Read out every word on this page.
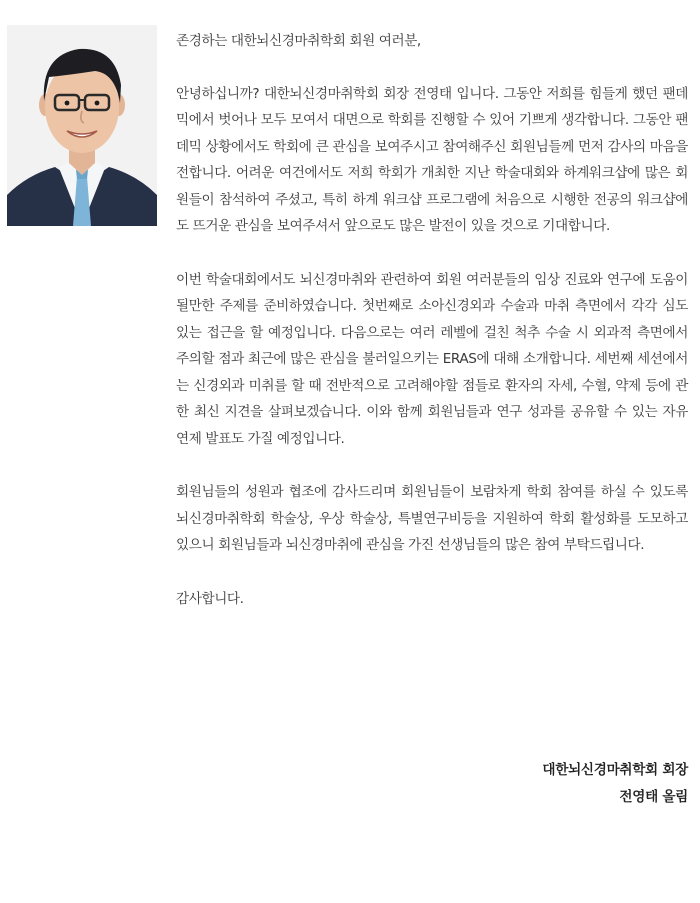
존경하는 대한뇌신경마취학회 회원 여러분,

안녕하십니까? 대한뇌신경마취학회 회장 전영태 입니다. 그동안 저희를 힘들게 했던 팬데믹에서 벗어나 모두 모여서 대면으로 학회를 진행할 수 있어 기쁘게 생각합니다. 그동안 팬데믹 상황에서도 학회에 큰 관심을 보여주시고 참여해주신 회원님들께 먼저 감사의 마음을 전합니다. 어려운 여건에서도 저희 학회가 개최한 지난 학술대회와 하계워크샵에 많은 회원들이 참석하여 주셨고, 특히 하계 워크샵 프로그램에 처음으로 시행한 전공의 워크샵에도 뜨거운 관심을 보여주셔서 앞으로도 많은 발전이 있을 것으로 기대합니다.

이번 학술대회에서도 뇌신경마취와 관련하여 회원 여러분들의 임상 진료와 연구에 도움이 될만한 주제를 준비하였습니다. 첫번째로 소아신경외과 수술과 마취 측면에서 각각 심도 있는 접근을 할 예정입니다. 다음으로는 여러 레벨에 걸친 척추 수술 시 외과적 측면에서 주의할 점과 최근에 많은 관심을 불러일으키는 ERAS에 대해 소개합니다. 세번째 세션에서는 신경외과 미취를 할 때 전반적으로 고려해야할 점들로 환자의 자세, 수혈, 약제 등에 관한 최신 지견을 살펴보겠습니다. 이와 함께 회원님들과 연구 성과를 공유할 수 있는 자유 연제 발표도 가질 예정입니다.

회원님들의 성원과 협조에 감사드리며 회원님들이 보람차게 학회 참여를 하실 수 있도록 뇌신경마취학회 학술상, 우상 학술상, 특별연구비등을 지원하여 학회 활성화를 도모하고 있으니 회원님들과 뇌신경마취에 관심을 가진 선생님들의 많은 참여 부탁드립니다.

감사합니다.

대한뇌신경마취학회 회장
전영태 올림
